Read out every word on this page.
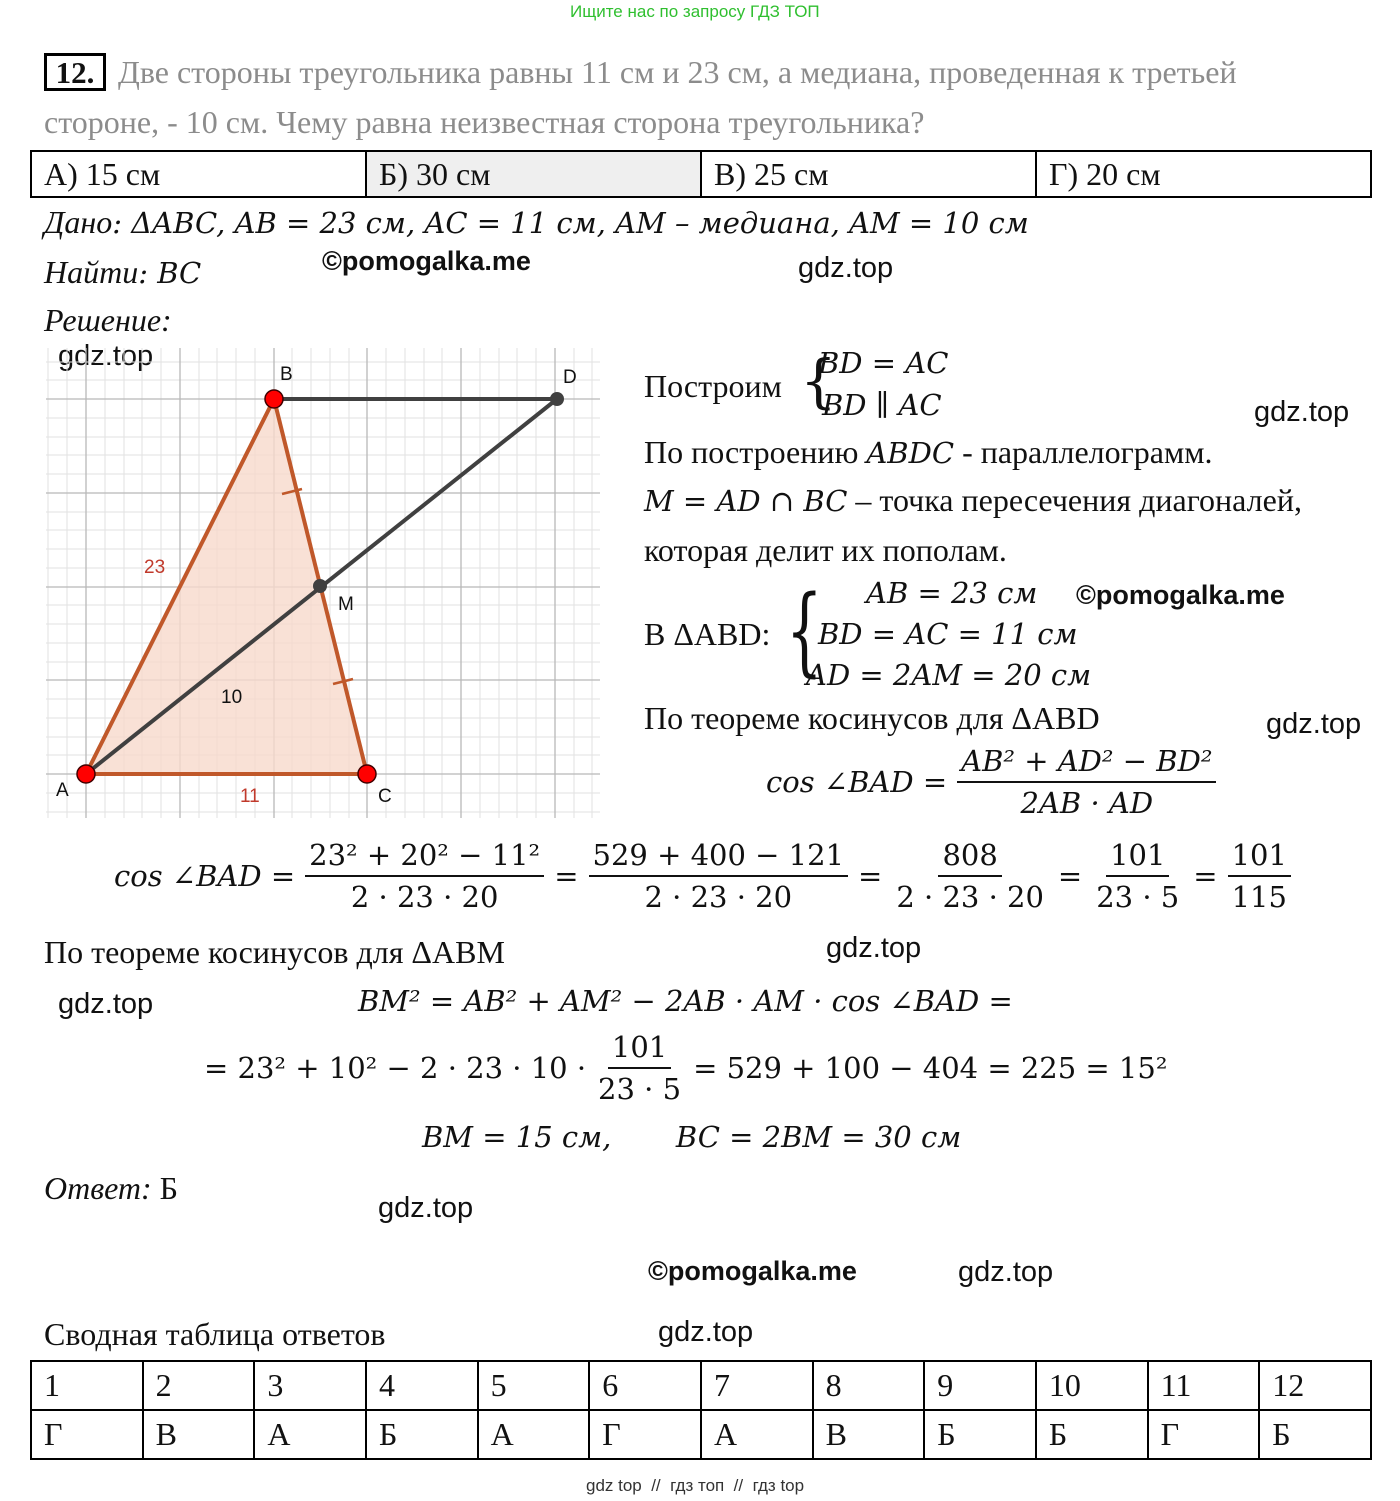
Ищите нас по запросу ГДЗ ТОП
12. Две стороны треугольника равны 11 см и 23 см, а медиана, проведенная к третьей
стороне, - 10 см. Чему равна неизвестная сторона треугольника?
А) 15 см	Б) 30 см	В) 25 см	Г) 20 см
Дано: ΔABC, AB = 23 см, AC = 11 см, AM – медиана, AM = 10 см
Найти: BC
Решение:
©pomogalka.me	gdz.top
gdz.top
gdz.top
©pomogalka.me
gdz.top
gdz.top
gdz.top
gdz.top
©pomogalka.me	gdz.top
gdz.top
B	D
M
A	C
10
23
11
Построим {
BD = AC
BD ∥ AC
По построению ABDC - параллелограмм.
M = AD ∩ BC – точка пересечения диагоналей,
которая делит их пополам.
В ΔABD: { AB = 23 см
BD = AC = 11 см
AD = 2AM = 20 см
По теореме косинусов для ΔABD
cos ∠BAD = $\frac{\text{AB² + AD² − BD²}}{2AB \cdot AD}$
cos ∠BAD = $\frac{\text{23² + 20² − 11²}}{2 \cdot 23 \cdot 20} = \frac{529 + 400 - 121}{2 \cdot 23 \cdot 20} = \frac{808}{2 \cdot 23 \cdot 20} = \frac{101}{23 \cdot 5} = \frac{101}{115}$
По теореме косинусов для ΔABM
BM² = AB² + AM² − 2AB · AM · cos ∠BAD =
= $23^2 + 10^2 - 2 \cdot 23 \cdot 10 \cdot \frac{101}{23 \cdot 5} = 529 + 100 - 404 = 225 = 15^2$
BM = 15 см,       BC = 2BM = 30 см
Ответ: Б
Сводная таблица ответов
1	2	3	4	5	6	7	8	9	10	11	12
Г	В	А	Б	А	Г	А	В	Б	Б	Г	Б
gdz top  //  гдз топ  //  гдз top
